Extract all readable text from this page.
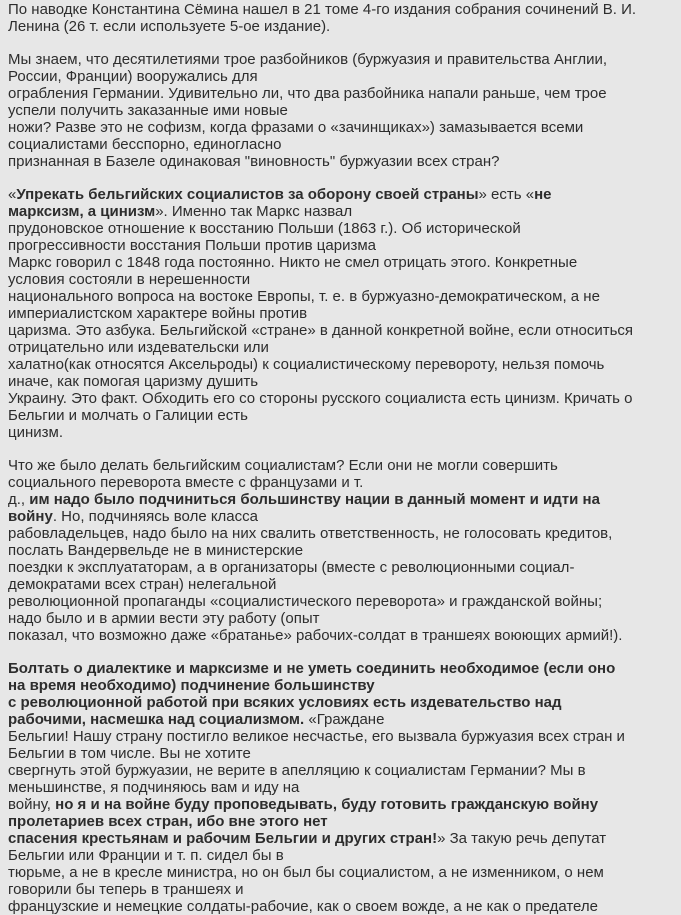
По наводке Константина Сёмина нашел в 21 томе 4-го издания собрания сочинений В. И.
Ленина (26 т. если используете 5-ое издание).
Мы знаем, что десятилетиями трое разбойников (буржуазия и правительства Англии,
России, Франции) вооружались для
ограбления Германии. Удивительно ли, что два разбойника напали раньше, чем трое
успели получить заказанные ими новые
ножи? Разве это не софизм, когда фразами о «зачинщиках») замазывается всеми
социалистами бесспорно, единогласно
признанная в Базеле одинаковая "виновность" буржуазии всех стран?
«Упрекать бельгийских социалистов за оборону своей страны» есть «не
марксизм, а цинизм». Именно так Маркс назвал
прудоновское отношение к восстанию Польши (1863 г.). Об исторической
прогрессивности восстания Польши против царизма
Маркс говорил с 1848 года постоянно. Никто не смел отрицать этого. Конкретные
условия состояли в нерешенности
национального вопроса на востоке Европы, т. е. в буржуазно-демократическом, а не
империалистском характере войны против
царизма. Это азбука. Бельгийской «стране» в данной конкретной войне, если относиться
отрицательно или издевательски или
халатно(как относятся Аксельроды) к социалистическому перевороту, нельзя помочь
иначе, как помогая царизму душить
Украину. Это факт. Обходить его со стороны русского социалиста есть цинизм. Кричать о
Бельгии и молчать о Галиции есть
цинизм.
Что же было делать бельгийским социалистам? Если они не могли совершить
социального переворота вместе с французами и т.
д., им надо было подчиниться большинству нации в данный момент и идти на
войну. Но, подчиняясь воле класса
рабовладельцев, надо было на них свалить ответственность, не голосовать кредитов,
послать Вандервельде не в министерские
поездки к эксплуататорам, а в организаторы (вместе с революционными социал-
демократами всех стран) нелегальной
революционной пропаганды «социалистического переворота» и гражданской войны;
надо было и в армии вести эту работу (опыт
показал, что возможно даже «братанье» рабочих-солдат в траншеях воюющих армий!).
Болтать о диалектике и марксизме и не уметь соединить необходимое (если оно
на время необходимо) подчинение большинству
с революционной работой при всяких условиях есть издевательство над
рабочими, насмешка над социализмом. «Граждане
Бельгии! Нашу страну постигло великое несчастье, его вызвала буржуазия всех стран и
Бельгии в том числе. Вы не хотите
свергнуть этой буржуазии, не верите в апелляцию к социалистам Германии? Мы в
меньшинстве, я подчиняюсь вам и иду на
войну, но я и на войне буду проповедывать, буду готовить гражданскую войну
пролетариев всех стран, ибо вне этого нет
спасения крестьянам и рабочим Бельгии и других стран!» За такую речь депутат
Бельгии или Франции и т. п. сидел бы в
тюрьме, а не в кресле министра, но он был бы социалистом, а не изменником, о нем
говорили бы теперь в траншеях и
французские и немецкие солдаты-рабочие, как о своем вожде, а не как о предателе
